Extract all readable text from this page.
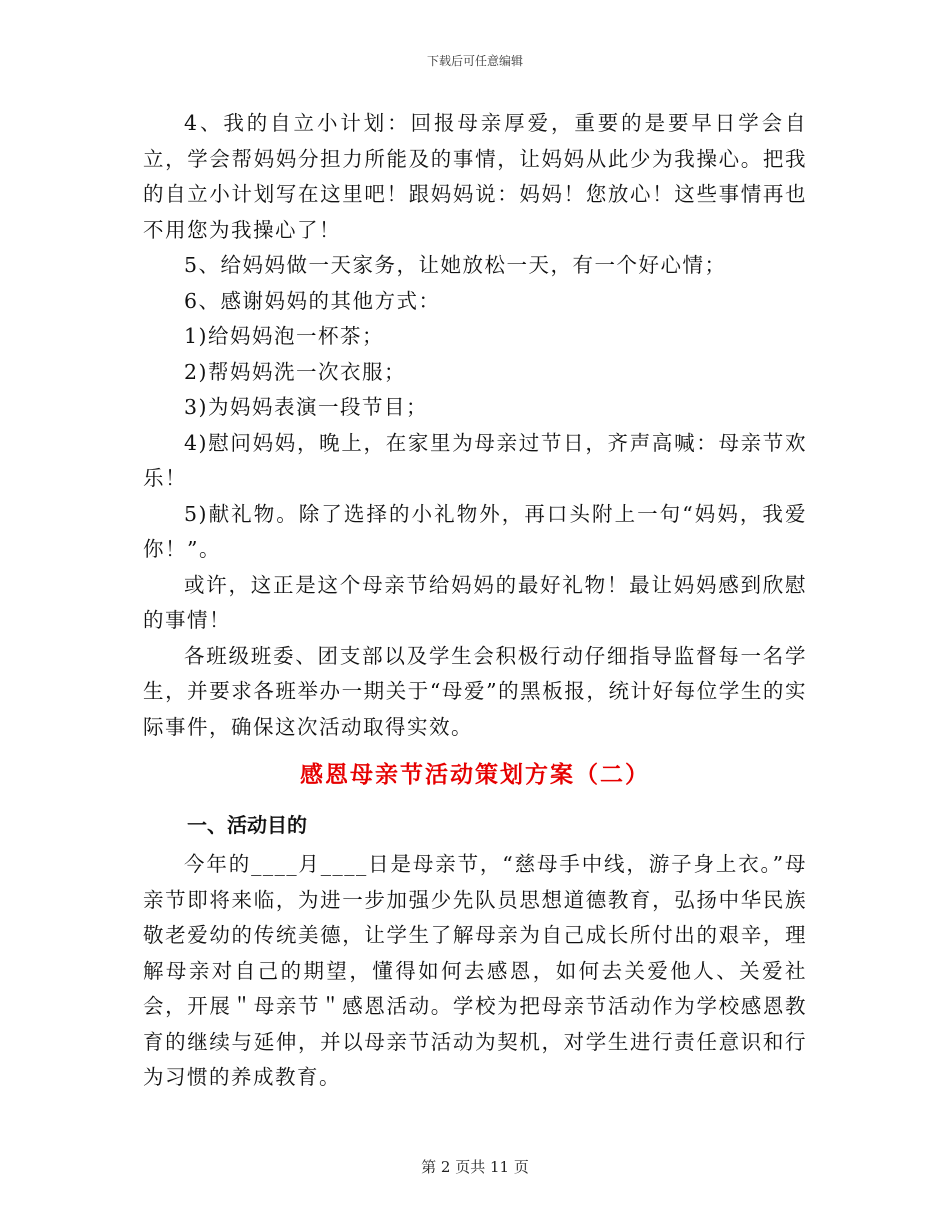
下载后可任意编辑

4、我的自立小计划：回报母亲厚爱，重要的是要早日学会自立，学会帮妈妈分担力所能及的事情，让妈妈从此少为我操心。把我的自立小计划写在这里吧！跟妈妈说：妈妈！您放心！这些事情再也不用您为我操心了！

5、给妈妈做一天家务，让她放松一天，有一个好心情；

6、感谢妈妈的其他方式：

1)给妈妈泡一杯茶；

2)帮妈妈洗一次衣服；

3)为妈妈表演一段节目；

4)慰问妈妈，晚上，在家里为母亲过节日，齐声高喊：母亲节欢乐！

5)献礼物。除了选择的小礼物外，再口头附上一句“妈妈，我爱你！”。

或许，这正是这个母亲节给妈妈的最好礼物！最让妈妈感到欣慰的事情！

各班级班委、团支部以及学生会积极行动仔细指导监督每一名学生，并要求各班举办一期关于“母爱”的黑板报，统计好每位学生的实际事件，确保这次活动取得实效。

感恩母亲节活动策划方案（二）
一、活动目的

今年的____月____日是母亲节，“慈母手中线，游子身上衣。”母亲节即将来临，为进一步加强少先队员思想道德教育，弘扬中华民族敬老爱幼的传统美德，让学生了解母亲为自己成长所付出的艰辛，理解母亲对自己的期望，懂得如何去感恩，如何去关爱他人、关爱社会，开展＂母亲节＂感恩活动。学校为把母亲节活动作为学校感恩教育的继续与延伸，并以母亲节活动为契机，对学生进行责任意识和行为习惯的养成教育。

第 2 页共 11 页
